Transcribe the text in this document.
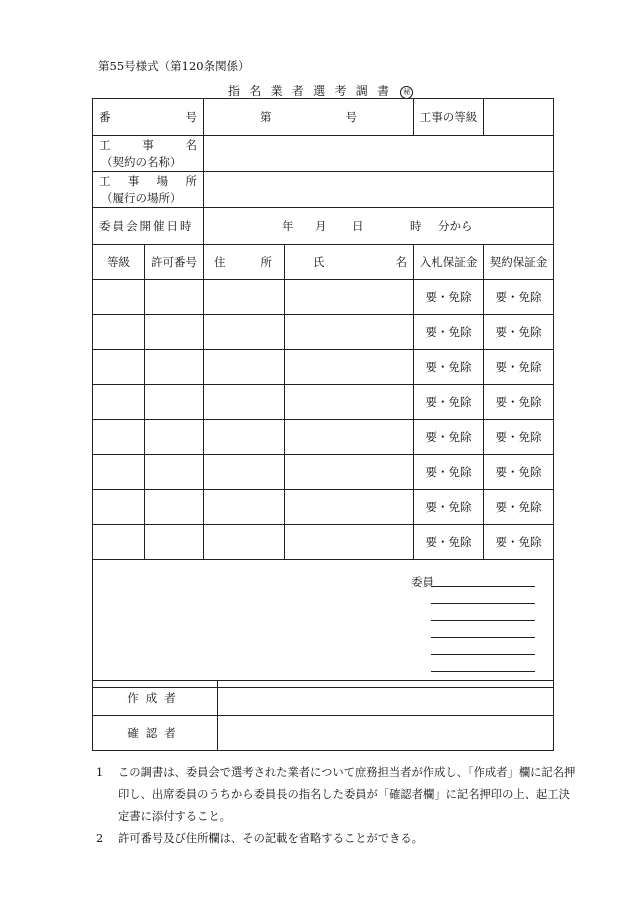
第55号様式（第120条関係）
指名業者選考調書 秘
番 号		第 号		工事の等級	

工 事 名
（契約の名称）					

工 事 場 所
（履行の場所）					

委員会開催日時		年 月 日 時 分から			

等級	許可番号	住 所	氏 名	入札保証金	契約保証金
				要・免除	要・免除
				要・免除	要・免除
				要・免除	要・免除
				要・免除	要・免除
				要・免除	要・免除
				要・免除	要・免除
				要・免除	要・免除
				要・免除	要・免除

委員					
作成者	
確認者	
1	この調書は、委員会で選考された業者について庶務担当者が作成し、「作成者」欄に記名押印し、出席委員のうちから委員長の指名した委員が「確認者欄」に記名押印の上、起工決定書に添付すること。
2	許可番号及び住所欄は、その記載を省略することができる。
